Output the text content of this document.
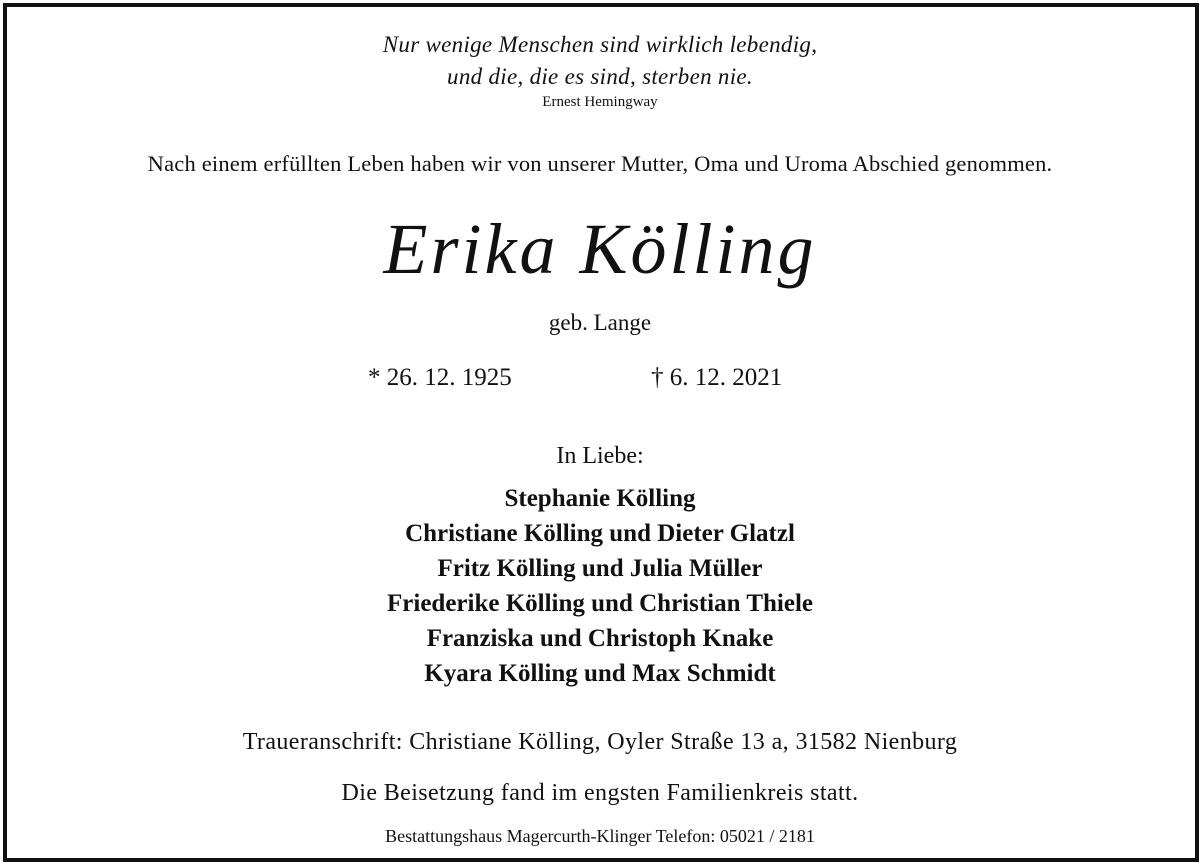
Nur wenige Menschen sind wirklich lebendig,
und die, die es sind, sterben nie.
Ernest Hemingway
Nach einem erfüllten Leben haben wir von unserer Mutter, Oma und Uroma Abschied genommen.
Erika Kölling
geb. Lange
* 26. 12. 1925	† 6. 12. 2021
In Liebe:
Stephanie Kölling
Christiane Kölling und Dieter Glatzl
Fritz Kölling und Julia Müller
Friederike Kölling und Christian Thiele
Franziska und Christoph Knake
Kyara Kölling und Max Schmidt
Traueranschrift: Christiane Kölling, Oyler Straße 13 a, 31582 Nienburg
Die Beisetzung fand im engsten Familienkreis statt.
Bestattungshaus Magercurth-Klinger Telefon: 05021 / 2181
